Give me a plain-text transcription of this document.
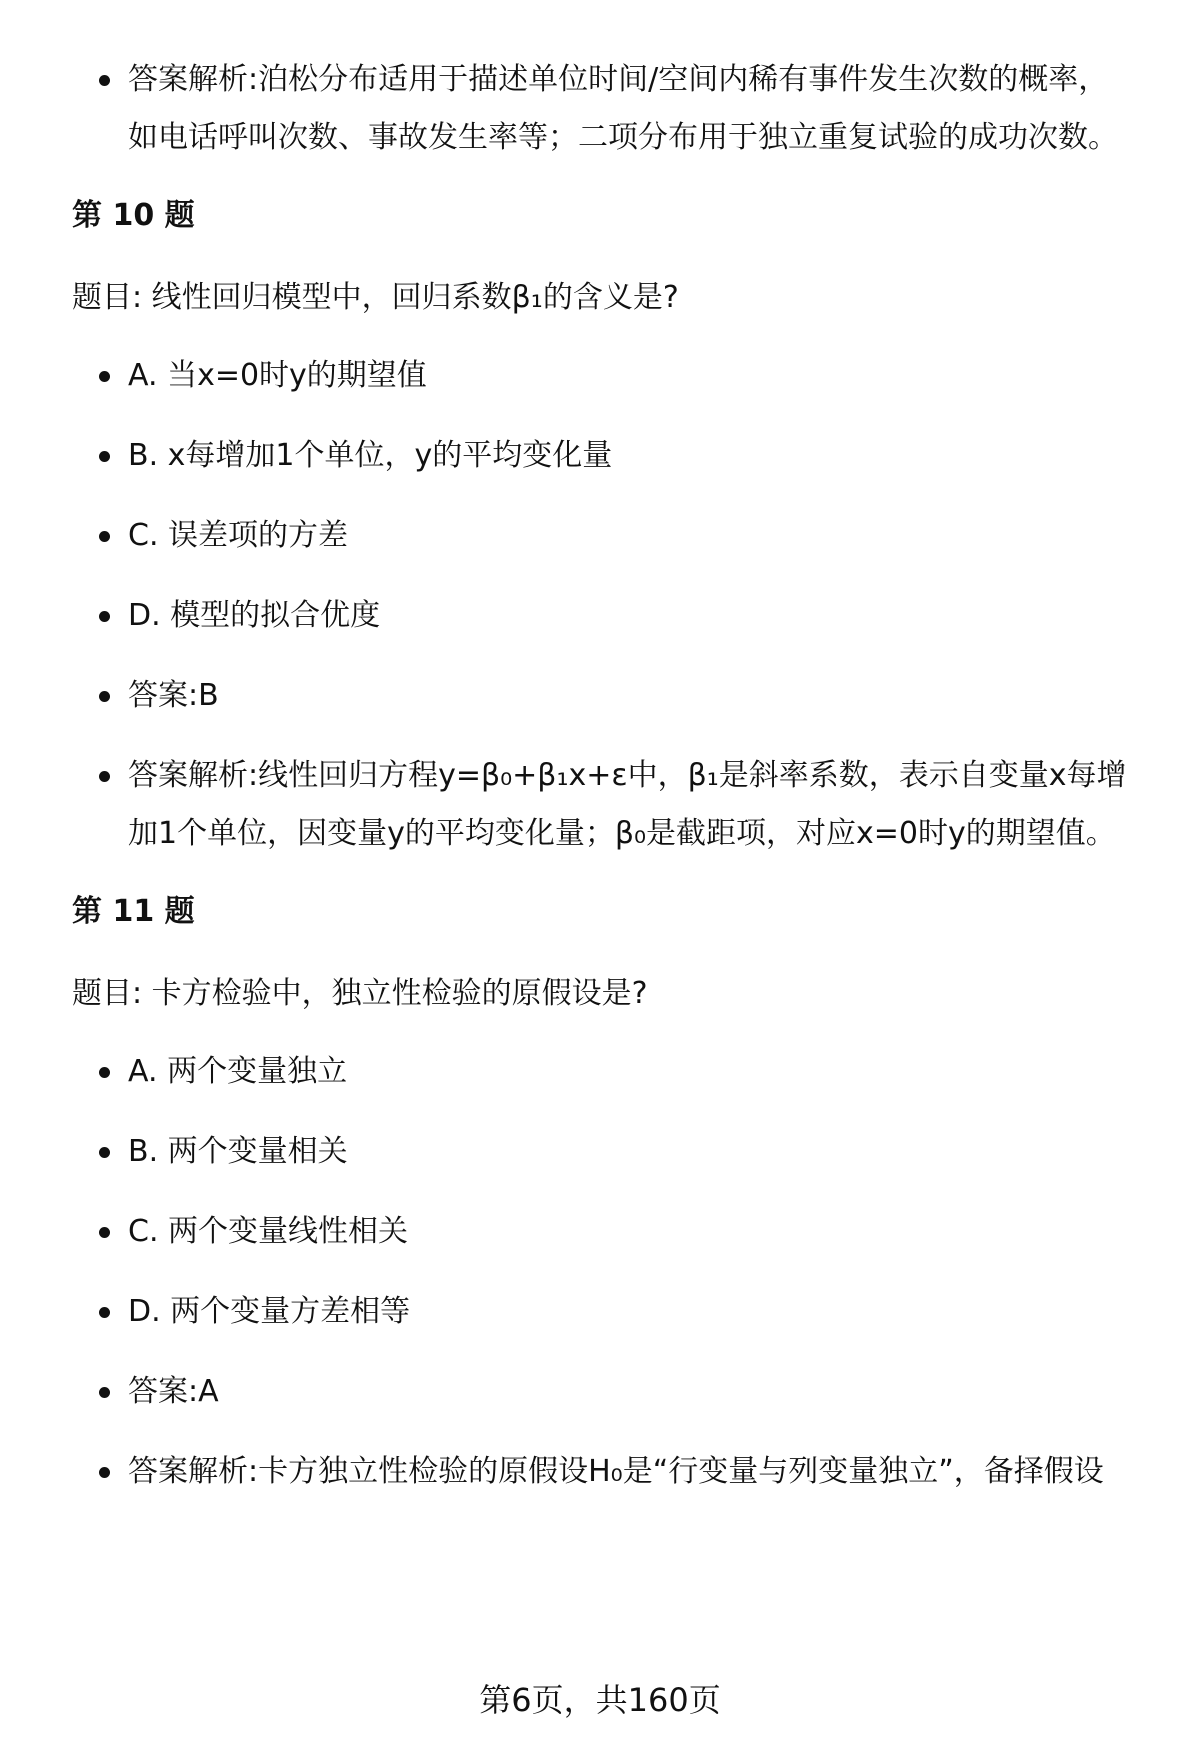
答案解析:泊松分布适用于描述单位时间/空间内稀有事件发生次数的概率，如电话呼叫次数、事故发生率等；二项分布用于独立重复试验的成功次数。
第 10 题
题目: 线性回归模型中，回归系数β₁的含义是?
A. 当x=0时y的期望值
B. x每增加1个单位，y的平均变化量
C. 误差项的方差
D. 模型的拟合优度
答案:B
答案解析:线性回归方程y=β₀+β₁x+ε中，β₁是斜率系数，表示自变量x每增加1个单位，因变量y的平均变化量；β₀是截距项，对应x=0时y的期望值。
第 11 题
题目: 卡方检验中，独立性检验的原假设是?
A. 两个变量独立
B. 两个变量相关
C. 两个变量线性相关
D. 两个变量方差相等
答案:A
答案解析:卡方独立性检验的原假设H₀是“行变量与列变量独立”，备择假设
第6页，共160页
